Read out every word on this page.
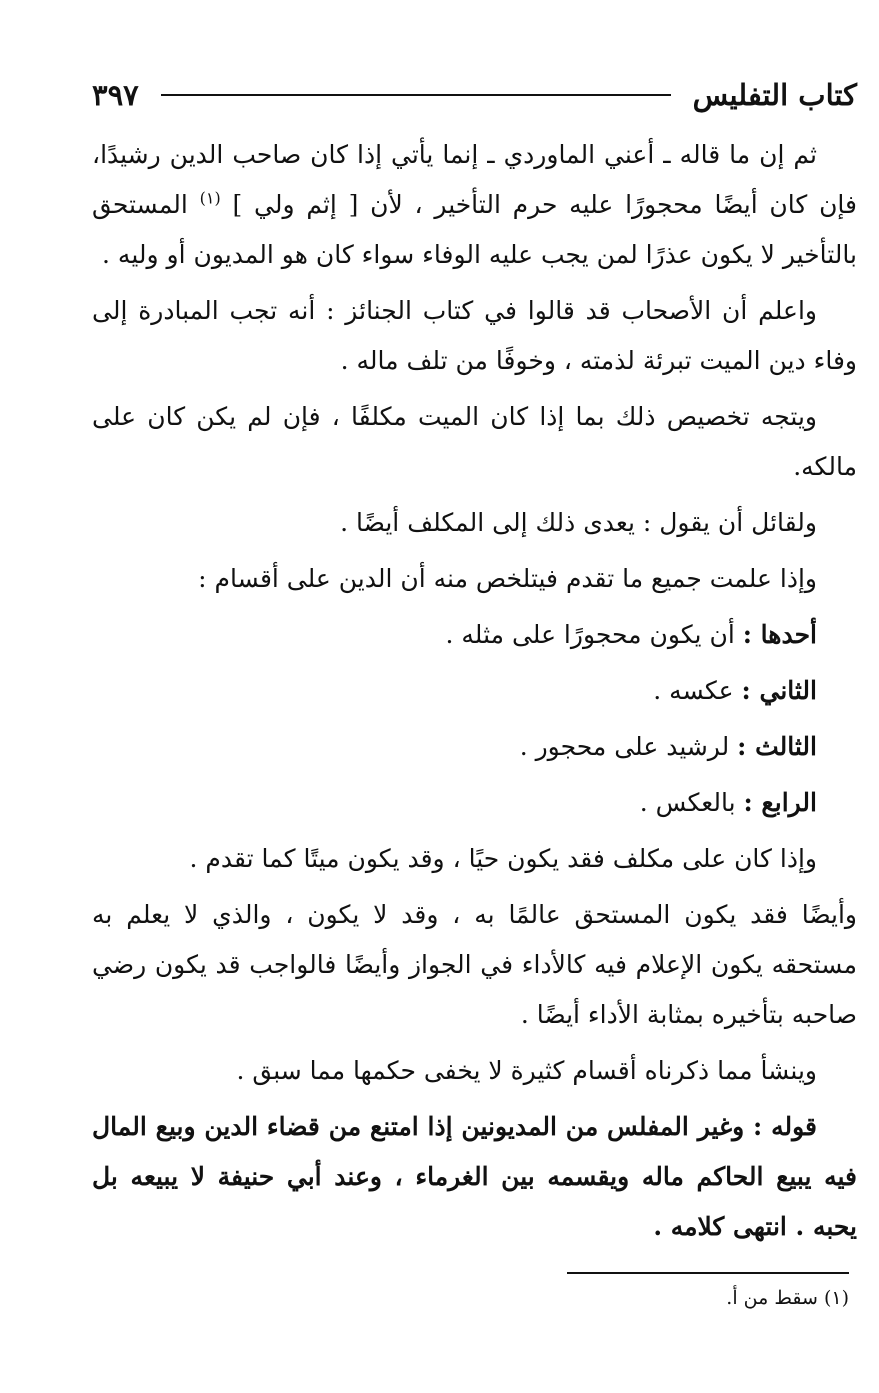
كتاب التفليس
٣٩٧

ثم إن ما قاله ـ أعني الماوردي ـ إنما يأتي إذا كان صاحب الدين رشيدًا، فإن كان أيضًا محجورًا عليه حرم التأخير ، لأن [ إثم ولي ] $^{(١)}$ المستحق بالتأخير لا يكون عذرًا لمن يجب عليه الوفاء سواء كان هو المديون أو وليه .

واعلم أن الأصحاب قد قالوا في كتاب الجنائز : أنه تجب المبادرة إلى وفاء دين الميت تبرئة لذمته ، وخوفًا من تلف ماله .

ويتجه تخصيص ذلك بما إذا كان الميت مكلفًا ، فإن لم يكن كان على مالكه.

ولقائل أن يقول : يعدى ذلك إلى المكلف أيضًا .

وإذا علمت جميع ما تقدم فيتلخص منه أن الدين على أقسام :

أحدها : أن يكون محجورًا على مثله .

الثاني : عكسه .

الثالث : لرشيد على محجور .

الرابع : بالعكس .

وإذا كان على مكلف فقد يكون حيًا ، وقد يكون ميتًا كما تقدم .

وأيضًا فقد يكون المستحق عالمًا به ، وقد لا يكون ، والذي لا يعلم به مستحقه يكون الإعلام فيه كالأداء في الجواز وأيضًا فالواجب قد يكون رضي صاحبه بتأخيره بمثابة الأداء أيضًا .

وينشأ مما ذكرناه أقسام كثيرة لا يخفى حكمها مما سبق .

قوله : وغير المفلس من المديونين إذا امتنع من قضاء الدين وبيع المال فيه يبيع الحاكم ماله ويقسمه بين الغرماء ، وعند أبي حنيفة لا يبيعه بل يحبه . انتهى كلامه .

(١) سقط من أ.
